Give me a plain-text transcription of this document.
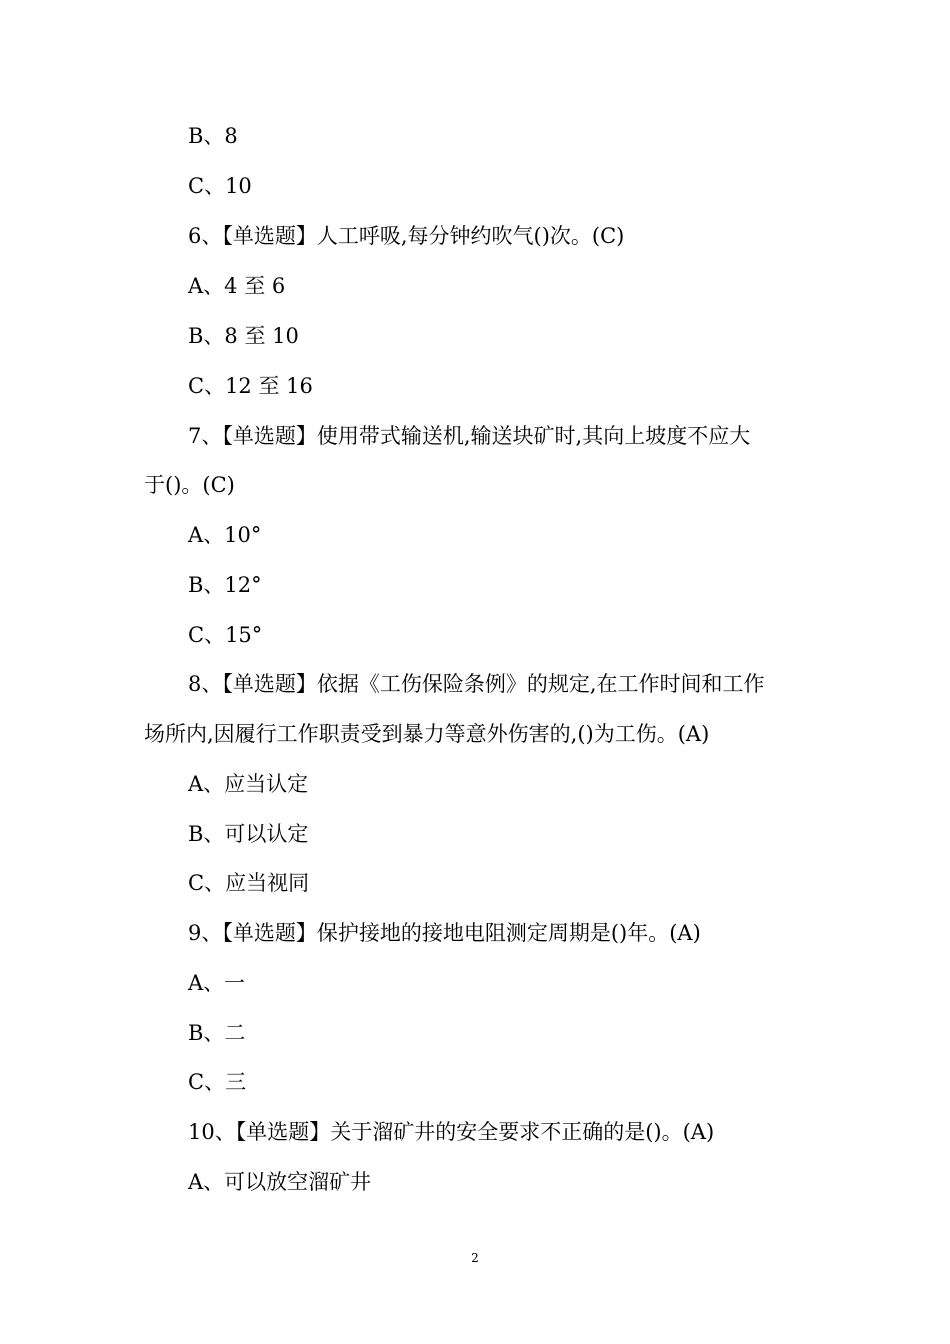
B、8
C、10
6、【单选题】人工呼吸,每分钟约吹气()次。(C)
A、4 至 6
B、8 至 10
C、12 至 16
7、【单选题】使用带式输送机,输送块矿时,其向上坡度不应大
于()。(C)
A、10°
B、12°
C、15°
8、【单选题】依据《工伤保险条例》的规定,在工作时间和工作
场所内,因履行工作职责受到暴力等意外伤害的,()为工伤。(A)
A、应当认定
B、可以认定
C、应当视同
9、【单选题】保护接地的接地电阻测定周期是()年。(A)
A、一
B、二
C、三
10、【单选题】关于溜矿井的安全要求不正确的是()。(A)
A、可以放空溜矿井
2
